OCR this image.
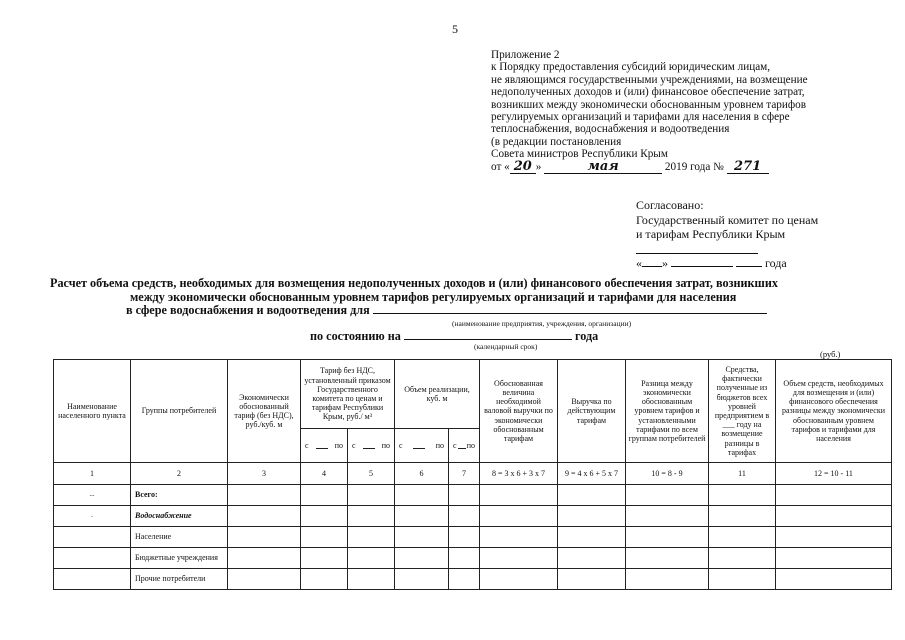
5
Приложение 2
к Порядку предоставления субсидий юридическим лицам,
не являющимся государственными учреждениями, на возмещение
недополученных доходов и (или) финансовое обеспечение затрат,
возникших между экономически обоснованным уровнем тарифов
регулируемых организаций и тарифами для населения в сфере
теплоснабжения, водоснабжения и водоотведения
(в редакции постановления
Совета министров Республики Крым
от « 20 »	мая	2019 года № 271
Согласовано:
Государственный комитет по ценам
и тарифам Республики Крым
« »	года
Расчет объема средств, необходимых для возмещения недополученных доходов и (или) финансового обеспечения затрат, возникших
между экономически обоснованным уровнем тарифов регулируемых организаций и тарифами для населения
в сфере водоснабжения и водоотведения для
(наименование предприятия, учреждения, организации)
по состоянию на	года
(календарный срок)
(руб.)
Наименование населенного пункта	Группы потребителей	Экономически обоснованный тариф (без НДС), руб./куб. м	Тариф без НДС, установленный приказом Государственного комитета по ценам и тарифам Республики Крым, руб./ м³		Объем реализации, куб. м		Обоснованная величина необходимой валовой выручки по экономически обоснованным тарифам	Выручка по действующим тарифам	Разница между экономически обоснованным уровнем тарифов и установленными тарифами по всем группам потребителей	Средства, фактически полученные из бюджетов всех уровней предприятием в ___ году на возмещение разницы в тарифах	Объем средств, необходимых для возмещения и (или) финансового обеспечения разницы между экономически обоснованным уровнем тарифов и тарифами для населения

			с по	с по	с по	с по					

1	2	3	4	5	6	7	8 = 3 x 6 + 3 x 7	9 = 4 x 6 + 5 x 7	10 = 8 - 9	11	12 = 10 - 11
...	Всего:										
.	Водоснабжение										
	Население										
	Бюджетные учреждения										
	Прочие потребители										
